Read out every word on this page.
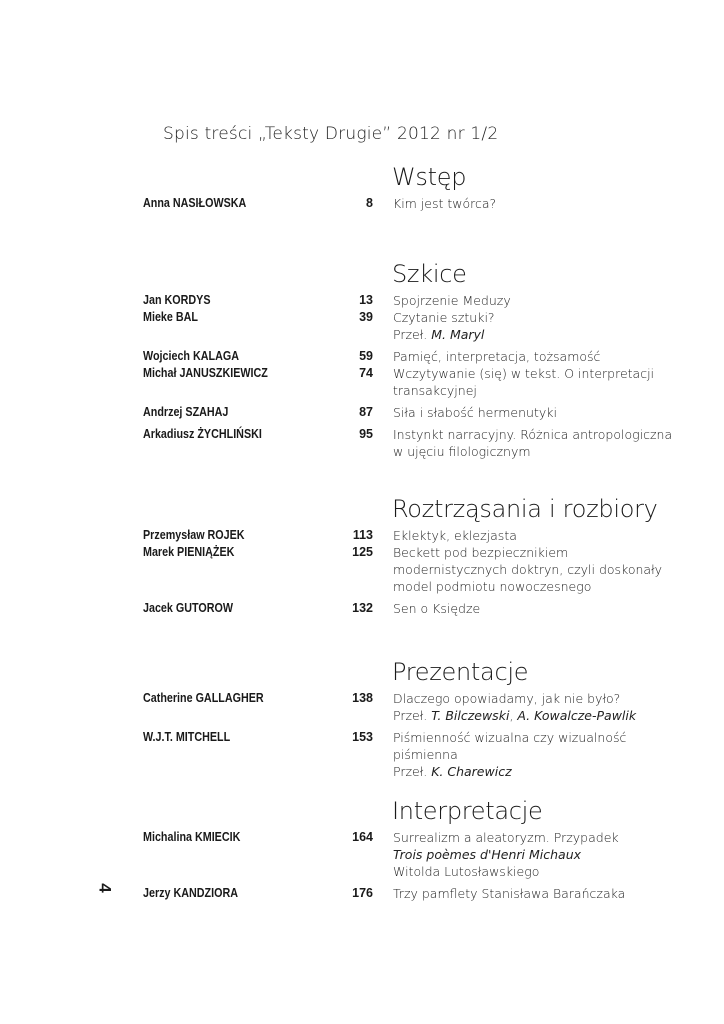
Spis treści „Teksty Drugie” 2012 nr 1/2
Wstęp
Anna NASIŁOWSKA	8 Kim jest twórca?
Szkice
Jan KORDYS	13 Spojrzenie Meduzy
Mieke BAL	39 Czytanie sztuki?
Przeł. M. Maryl
Wojciech KALAGA	59 Pamięć, interpretacja, tożsamość
Michał JANUSZKIEWICZ	74 Wczytywanie (się) w tekst. O interpretacji
transakcyjnej
Andrzej SZAHAJ	87 Siła i słabość hermenutyki
Arkadiusz ŻYCHLIŃSKI	95 Instynkt narracyjny. Różnica antropologiczna
w ujęciu filologicznym
Roztrząsania i rozbiory
Przemysław ROJEK	113 Eklektyk, eklezjasta
Marek PIENIĄŻEK	125 Beckett pod bezpiecznikiem
modernistycznych doktryn, czyli doskonały
model podmiotu nowoczesnego
Jacek GUTOROW	132 Sen o Księdze
Prezentacje
Catherine GALLAGHER	138 Dlaczego opowiadamy, jak nie było?
Przeł. T. Bilczewski, A. Kowalcze-Pawlik
W.J.T. MITCHELL	153 Piśmienność wizualna czy wizualność
piśmienna
Przeł. K. Charewicz
Interpretacje
Michalina KMIECIK	164 Surrealizm a aleatoryzm. Przypadek
Trois poèmes d'Henri Michaux
Witolda Lutosławskiego
Jerzy KANDZIORA	176 Trzy pamflety Stanisława Barańczaka
4
